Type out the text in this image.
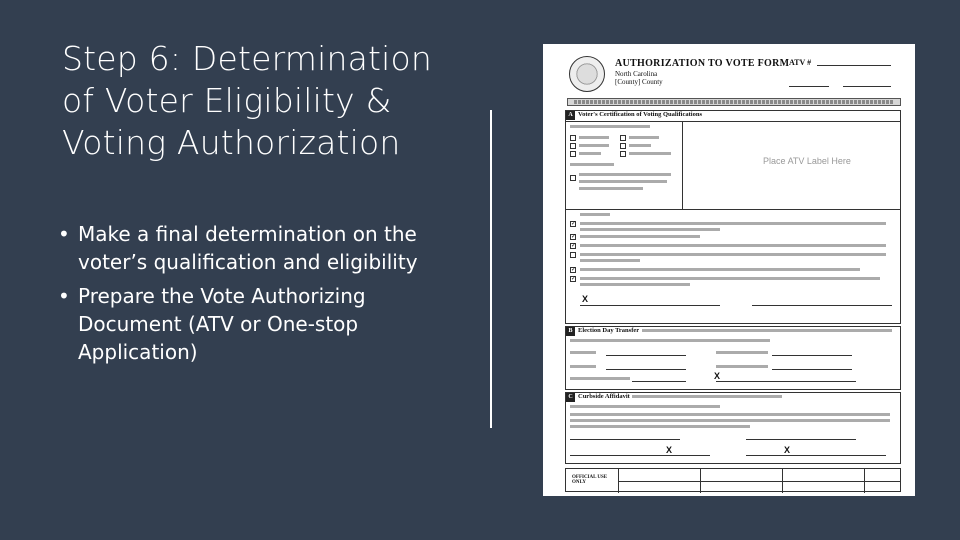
Step 6: Determination
of Voter Eligibility &
Voting Authorization
• Make a final determination on the voter’s qualification and eligibility
• Prepare the Vote Authorizing Document (ATV or One-stop Application)
AUTHORIZATION TO VOTE FORM
North Carolina
[County] County
ATV #
A Voter's Certification of Voting Qualifications
✓
✓
✓
✓
✓
X
Place ATV Label Here
B Election Day Transfer
X
C Curbside Affidavit
X	X
OFFICIAL USE ONLY
